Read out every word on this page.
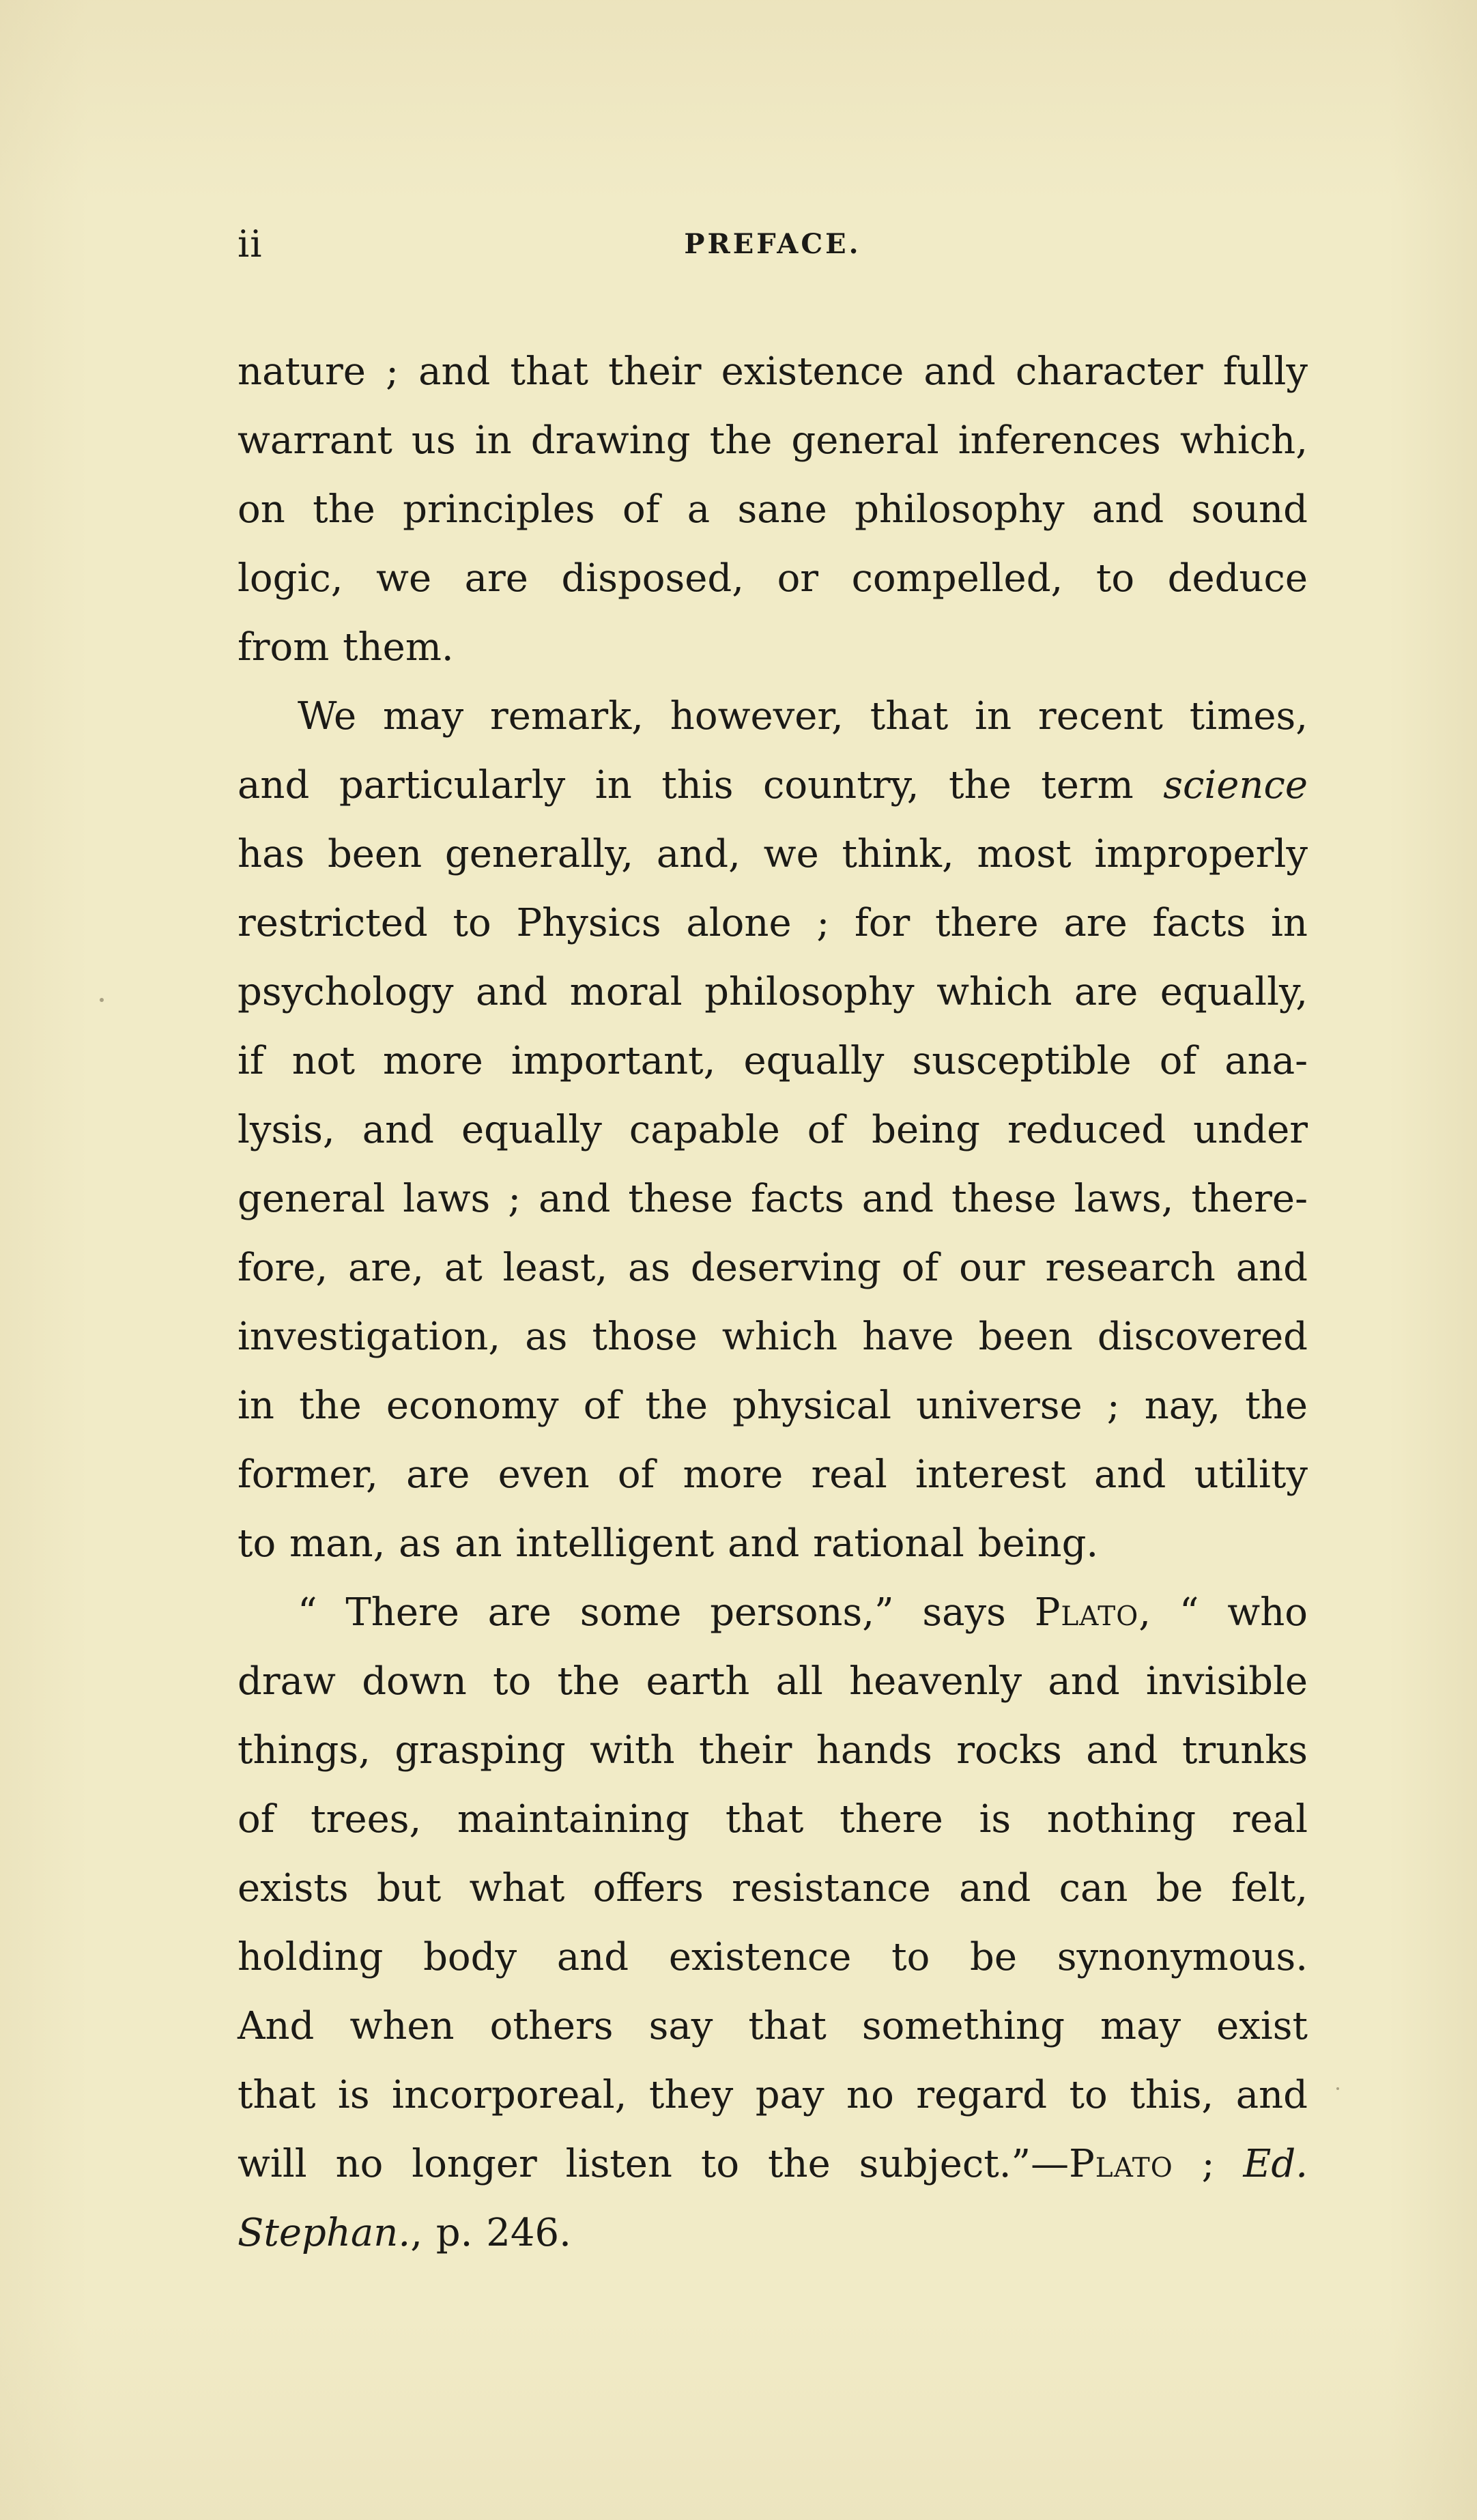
ii	PREFACE.
nature ; and that their existence and character fully
warrant us in drawing the general inferences which,
on the principles of a sane philosophy and sound
logic, we are disposed, or compelled, to deduce
from them.
We may remark, however, that in recent times,
and particularly in this country, the term science
has been generally, and, we think, most improperly
restricted to Physics alone ; for there are facts in
psychology and moral philosophy which are equally,
if not more important, equally susceptible of ana-
lysis, and equally capable of being reduced under
general laws ; and these facts and these laws, there-
fore, are, at least, as deserving of our research and
investigation, as those which have been discovered
in the economy of the physical universe ; nay, the
former, are even of more real interest and utility
to man, as an intelligent and rational being.
“ There are some persons,” says Plato, “ who
draw down to the earth all heavenly and invisible
things, grasping with their hands rocks and trunks
of trees, maintaining that there is nothing real
exists but what offers resistance and can be felt,
holding body and existence to be synonymous.
And when others say that something may exist
that is incorporeal, they pay no regard to this, and
will no longer listen to the subject.”—Plato ; Ed.
Stephan., p. 246.
